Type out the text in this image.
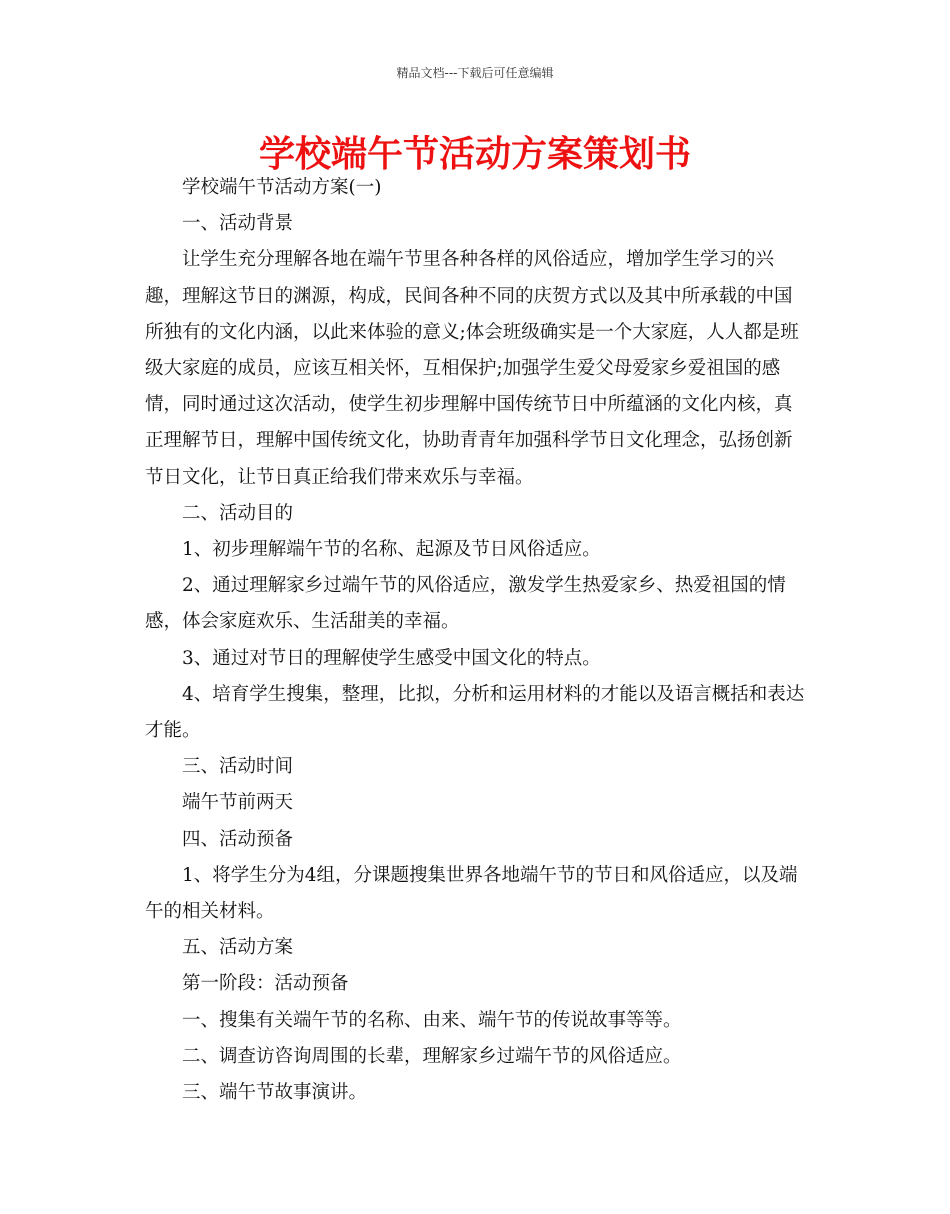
精品文档---下载后可任意编辑
学校端午节活动方案策划书
学校端午节活动方案(一)
一、活动背景
让学生充分理解各地在端午节里各种各样的风俗适应，增加学生学习的兴
趣，理解这节日的渊源，构成，民间各种不同的庆贺方式以及其中所承载的中国
所独有的文化内涵，以此来体验的意义;体会班级确实是一个大家庭，人人都是班
级大家庭的成员，应该互相关怀，互相保护;加强学生爱父母爱家乡爱祖国的感
情，同时通过这次活动，使学生初步理解中国传统节日中所蕴涵的文化内核，真
正理解节日，理解中国传统文化，协助青青年加强科学节日文化理念，弘扬创新
节日文化，让节日真正给我们带来欢乐与幸福。
二、活动目的
1、初步理解端午节的名称、起源及节日风俗适应。
2、通过理解家乡过端午节的风俗适应，激发学生热爱家乡、热爱祖国的情
感，体会家庭欢乐、生活甜美的幸福。
3、通过对节日的理解使学生感受中国文化的特点。
4、培育学生搜集，整理，比拟，分析和运用材料的才能以及语言概括和表达
才能。
三、活动时间
端午节前两天
四、活动预备
1、将学生分为4组，分课题搜集世界各地端午节的节日和风俗适应，以及端
午的相关材料。
五、活动方案
第一阶段：活动预备
一、搜集有关端午节的名称、由来、端午节的传说故事等等。
二、调查访咨询周围的长辈，理解家乡过端午节的风俗适应。
三、端午节故事演讲。
